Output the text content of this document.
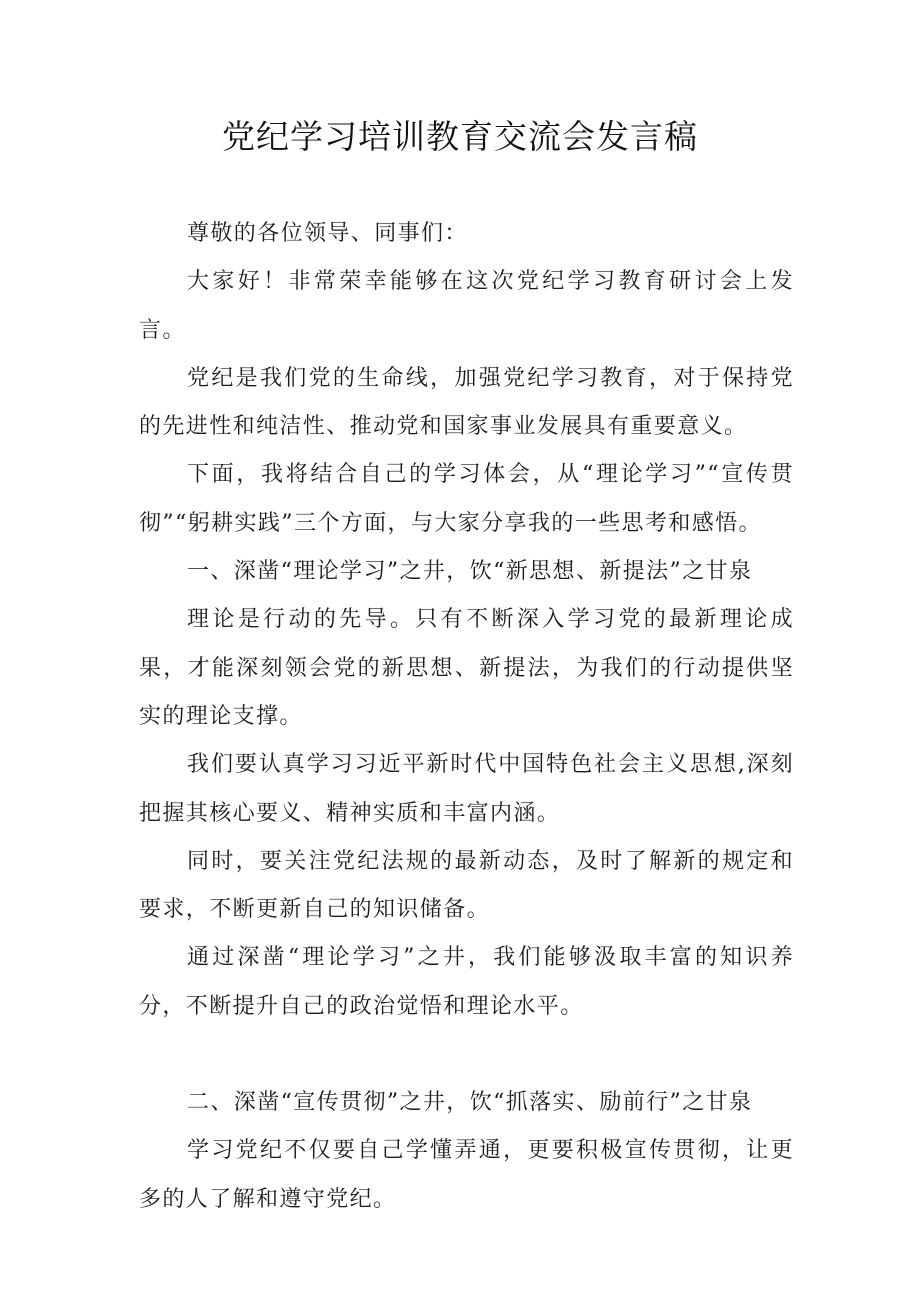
党纪学习培训教育交流会发言稿

尊敬的各位领导、同事们：

大家好！非常荣幸能够在这次党纪学习教育研讨会上发言。

党纪是我们党的生命线，加强党纪学习教育，对于保持党的先进性和纯洁性、推动党和国家事业发展具有重要意义。

下面，我将结合自己的学习体会，从“理论学习”“宣传贯彻”“躬耕实践”三个方面，与大家分享我的一些思考和感悟。

一、深凿“理论学习”之井，饮“新思想、新提法”之甘泉

理论是行动的先导。只有不断深入学习党的最新理论成果，才能深刻领会党的新思想、新提法，为我们的行动提供坚实的理论支撑。

我们要认真学习习近平新时代中国特色社会主义思想,深刻把握其核心要义、精神实质和丰富内涵。

同时，要关注党纪法规的最新动态，及时了解新的规定和要求，不断更新自己的知识储备。

通过深凿“理论学习”之井，我们能够汲取丰富的知识养分，不断提升自己的政治觉悟和理论水平。

二、深凿“宣传贯彻”之井，饮“抓落实、励前行”之甘泉

学习党纪不仅要自己学懂弄通，更要积极宣传贯彻，让更多的人了解和遵守党纪。
